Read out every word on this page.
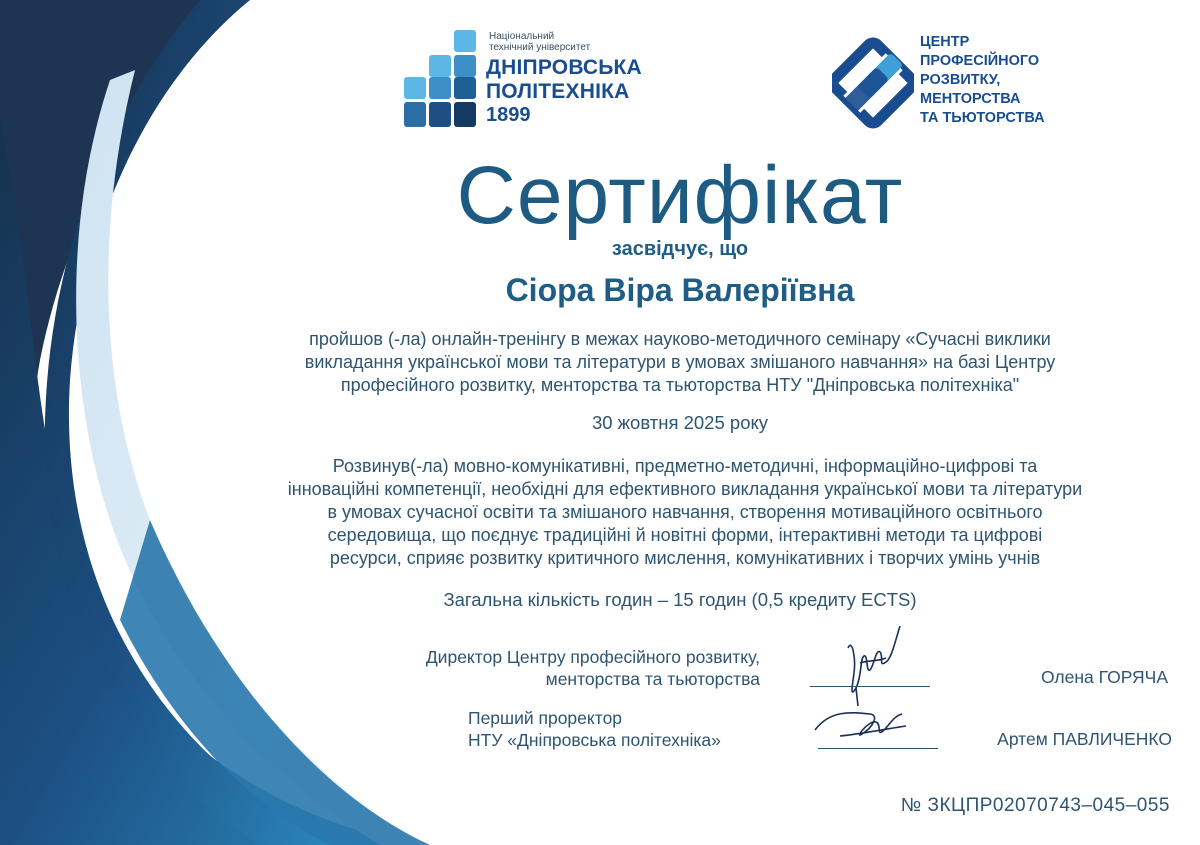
Національний
технічний університет
ДНІПРОВСЬКА
ПОЛІТЕХНІКА
1899
ЦЕНТР
ПРОФЕСІЙНОГО
РОЗВИТКУ,
МЕНТОРСТВА
ТА ТЬЮТОРСТВА
Сертифікат
засвідчує, що
Сіора Віра Валеріївна
пройшов (-ла) онлайн-тренінгу в межах науково-методичного семінару «Сучасні виклики
викладання української мови та літератури в умовах змішаного навчання» на базі Центру
професійного розвитку, менторства та тьюторства НТУ "Дніпровська політехніка"
30 жовтня 2025 року
Розвинув(-ла) мовно-комунікативні, предметно-методичні, інформаційно-цифрові та
інноваційні компетенції, необхідні для ефективного викладання української мови та літератури
в умовах сучасної освіти та змішаного навчання, створення мотиваційного освітнього
середовища, що поєднує традиційні й новітні форми, інтерактивні методи та цифрові
ресурси, сприяє розвитку критичного мислення, комунікативних і творчих умінь учнів
Загальна кількість годин – 15 годин (0,5 кредиту ECTS)
Директор Центру професійного розвитку,
менторства та тьюторства	Олена ГОРЯЧА
Перший проректор
НТУ «Дніпровська політехніка»	Артем ПАВЛИЧЕНКО
№ ЗКЦПР02070743–045–055
